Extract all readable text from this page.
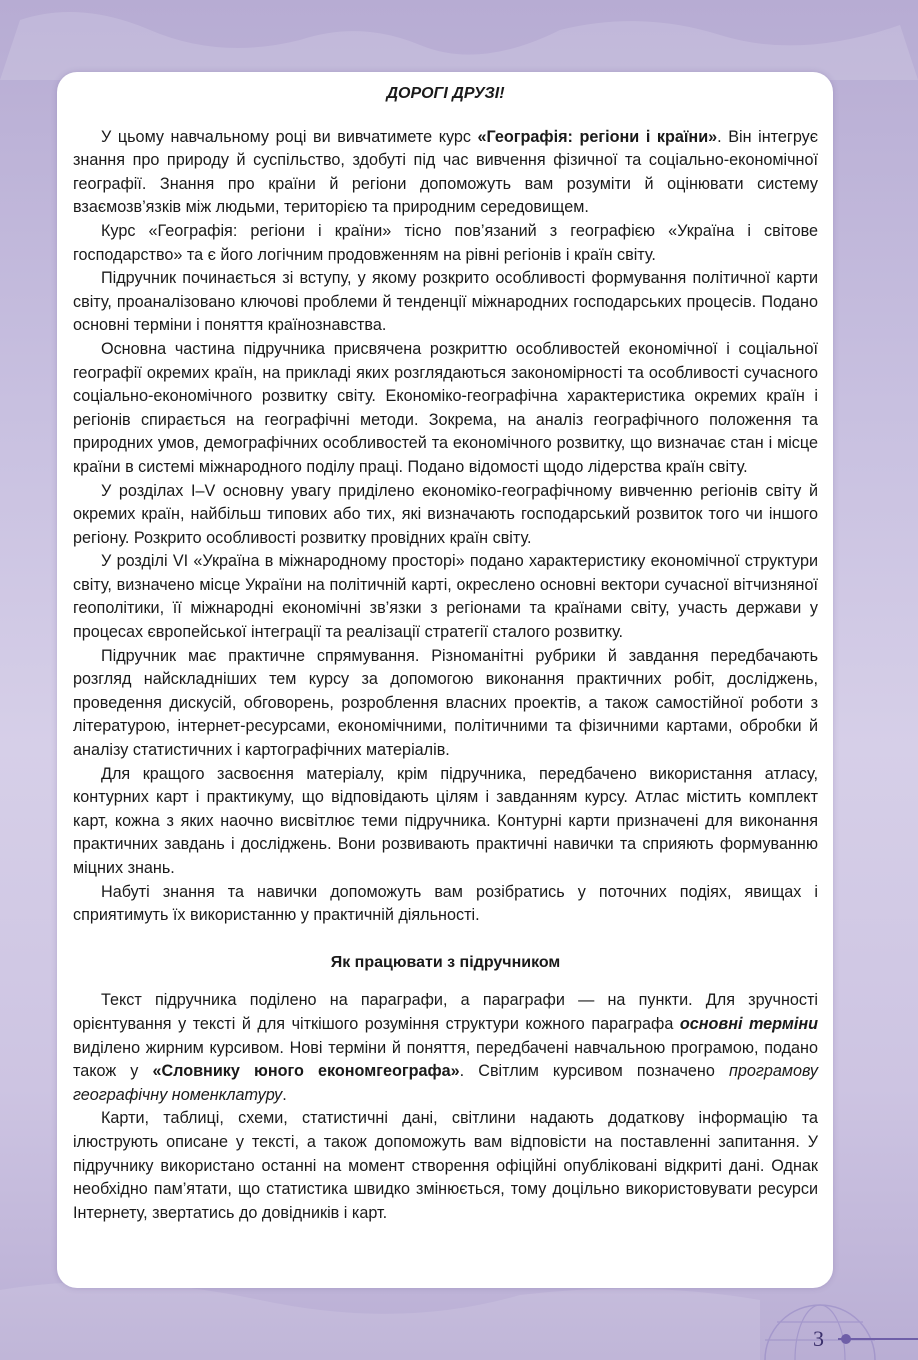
ДОРОГІ ДРУЗІ!

У цьому навчальному році ви вивчатимете курс «Географія: регіони і країни». Він інтегрує знання про природу й суспільство, здобуті під час вивчення фізичної та соціально-економічної географії. Знання про країни й регіони допоможуть вам розуміти й оцінювати систему взаємозв’язків між людьми, територією та природним середовищем.

Курс «Географія: регіони і країни» тісно пов’язаний з географією «Україна і світове господарство» та є його логічним продовженням на рівні регіонів і країн світу.

Підручник починається зі вступу, у якому розкрито особливості формування політичної карти світу, проаналізовано ключові проблеми й тенденції міжнародних господарських процесів. Подано основні терміни і поняття країнознавства.

Основна частина підручника присвячена розкриттю особливостей економічної і соціальної географії окремих країн, на прикладі яких розглядаються закономірності та особливості сучасного соціально-економічного розвитку світу. Економіко-географічна характеристика окремих країн і регіонів спирається на географічні методи. Зокрема, на аналіз географічного положення та природних умов, демографічних особливостей та економічного розвитку, що визначає стан і місце країни в системі міжнародного поділу праці. Подано відомості щодо лідерства країн світу.

У розділах I–V основну увагу приділено економіко-географічному вивченню регіонів світу й окремих країн, найбільш типових або тих, які визначають господарський розвиток того чи іншого регіону. Розкрито особливості розвитку провідних країн світу.

У розділі VI «Україна в міжнародному просторі» подано характеристику економічної структури світу, визначено місце України на політичній карті, окреслено основні вектори сучасної вітчизняної геополітики, її міжнародні економічні зв’язки з регіонами та країнами світу, участь держави у процесах європейської інтеграції та реалізації стратегії сталого розвитку.

Підручник має практичне спрямування. Різноманітні рубрики й завдання передбачають розгляд найскладніших тем курсу за допомогою виконання практичних робіт, досліджень, проведення дискусій, обговорень, розроблення власних проектів, а також самостійної роботи з літературою, інтернет-ресурсами, економічними, політичними та фізичними картами, обробки й аналізу статистичних і картографічних матеріалів.

Для кращого засвоєння матеріалу, крім підручника, передбачено використання атласу, контурних карт і практикуму, що відповідають цілям і завданням курсу. Атлас містить комплект карт, кожна з яких наочно висвітлює теми підручника. Контурні карти призначені для виконання практичних завдань і досліджень. Вони розвивають практичні навички та сприяють формуванню міцних знань.

Набуті знання та навички допоможуть вам розібратись у поточних подіях, явищах і сприятимуть їх використанню у практичній діяльності.

Як працювати з підручником

Текст підручника поділено на параграфи, а параграфи — на пункти. Для зручності орієнтування у тексті й для чіткішого розуміння структури кожного параграфа основні терміни виділено жирним курсивом. Нові терміни й поняття, передбачені навчальною програмою, подано також у «Словнику юного економгеографа». Світлим курсивом позначено програмову географічну номенклатуру.

Карти, таблиці, схеми, статистичні дані, світлини надають додаткову інформацію та ілюструють описане у тексті, а також допоможуть вам відповісти на поставленні запитання. У підручнику використано останні на момент створення офіційні опубліковані відкриті дані. Однак необхідно пам’ятати, що статистика швидко змінюється, тому доцільно використовувати ресурси Інтернету, звертатись до довідників і карт.

3
